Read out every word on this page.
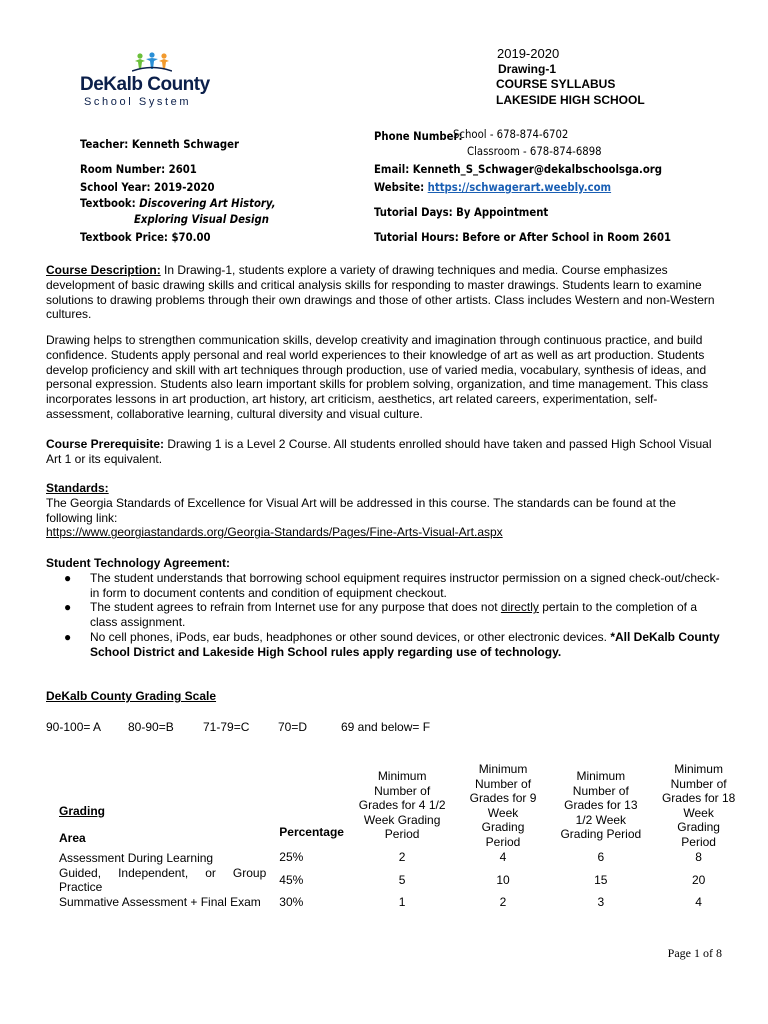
DeKalb County
School System
2019-2020
Drawing-1
COURSE SYLLABUS
LAKESIDE HIGH SCHOOL
Teacher: Kenneth Schwager
Room Number: 2601
School Year: 2019-2020
Textbook: Discovering Art History,
Exploring Visual Design
Textbook Price: $70.00
Phone Number:
School - 678-874-6702
Classroom - 678-874-6898
Email: Kenneth_S_Schwager@dekalbschoolsga.org
Website: https://schwagerart.weebly.com
Tutorial Days: By Appointment
Tutorial Hours: Before or After School in Room 2601

Course Description: In Drawing-1, students explore a variety of drawing techniques and media. Course emphasizes development of basic drawing skills and critical analysis skills for responding to master drawings. Students learn to examine solutions to drawing problems through their own drawings and those of other artists. Class includes Western and non-Western cultures.

Drawing helps to strengthen communication skills, develop creativity and imagination through continuous practice, and build confidence. Students apply personal and real world experiences to their knowledge of art as well as art production. Students develop proficiency and skill with art techniques through production, use of varied media, vocabulary, synthesis of ideas, and personal expression. Students also learn important skills for problem solving, organization, and time management. This class incorporates lessons in art production, art history, art criticism, aesthetics, art related careers, experimentation, self-assessment, collaborative learning, cultural diversity and visual culture.

Course Prerequisite: Drawing 1 is a Level 2 Course. All students enrolled should have taken and passed High School Visual Art 1 or its equivalent.

Standards:

The Georgia Standards of Excellence for Visual Art will be addressed in this course. The standards can be found at the following link:

https://www.georgiastandards.org/Georgia-Standards/Pages/Fine-Arts-Visual-Art.aspx

Student Technology Agreement:

● The student understands that borrowing school equipment requires instructor permission on a signed check-out/check-in form to document contents and condition of equipment checkout.
● The student agrees to refrain from Internet use for any purpose that does not directly pertain to the completion of a class assignment.
● No cell phones, iPods, ear buds, headphones or other sound devices, or other electronic devices. *All DeKalb County School District and Lakeside High School rules apply regarding use of technology.
DeKalb County Grading Scale
90-100= A 80-90=B 71-79=C 70=D	69 and below= F
Grading
Area	Percentage	Minimum Number of Grades for 4 1/2 Week Grading Period	Minimum Number of Grades for 9 Week Grading Period	Minimum Number of Grades for 13 1/2 Week Grading Period	Minimum Number of Grades for 18 Week Grading Period
Assessment During Learning	25%	2	4	6	8
Guided, Independent, or Group Practice	45%	5	10	15	20
Summative Assessment + Final Exam	30%	1	2	3	4
Page 1 of 8
